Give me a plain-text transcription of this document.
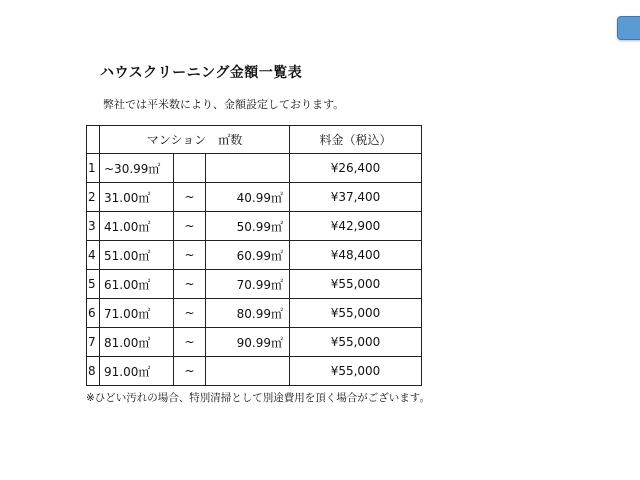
ハウスクリーニング金額一覧表
弊社では平米数により、金額設定しております。
	マンション　㎡数			料金（税込）
1	~30.99㎡			¥26,400
2	31.00㎡	~	40.99㎡	¥37,400
3	41.00㎡	~	50.99㎡	¥42,900
4	51.00㎡	~	60.99㎡	¥48,400
5	61.00㎡	~	70.99㎡	¥55,000
6	71.00㎡	~	80.99㎡	¥55,000
7	81.00㎡	~	90.99㎡	¥55,000
8	91.00㎡	~		¥55,000
※ひどい汚れの場合、特別清掃として別途費用を頂く場合がございます。
